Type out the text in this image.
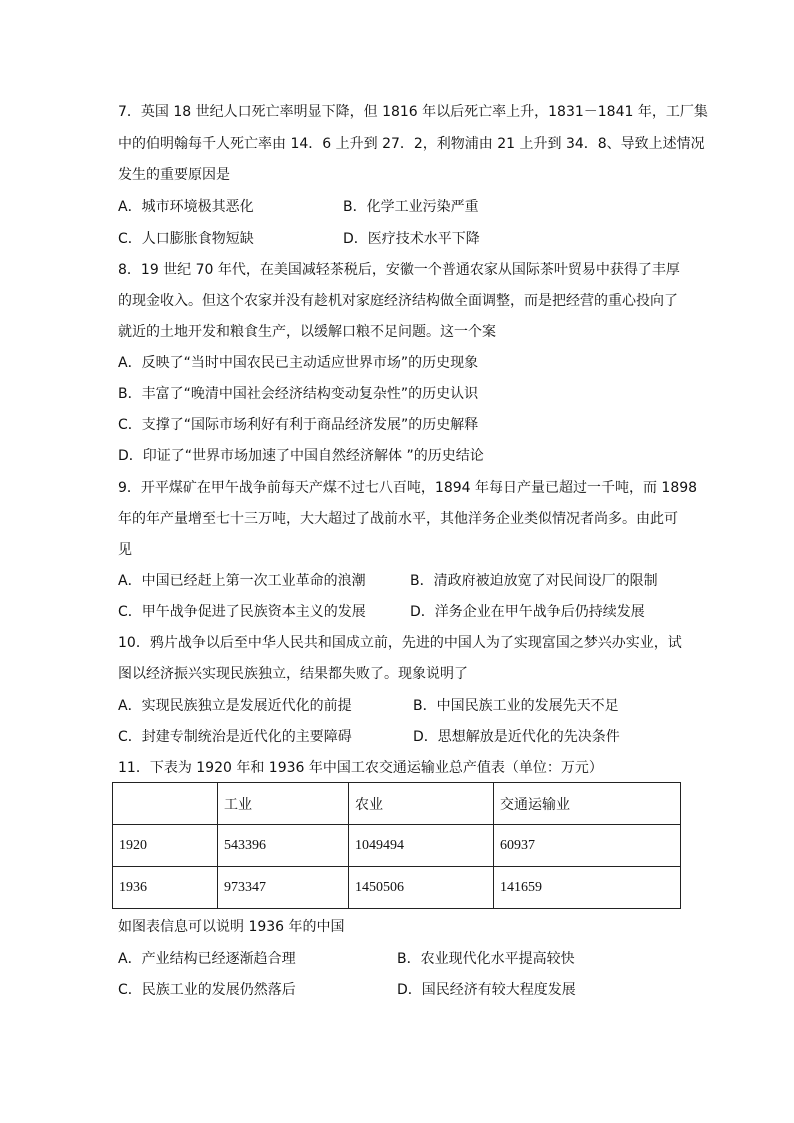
7．英国 18 世纪人口死亡率明显下降，但 1816 年以后死亡率上升，1831－1841 年，工厂集
中的伯明翰每千人死亡率由 14．6 上升到 27．2，利物浦由 21 上升到 34．8、导致上述情况
发生的重要原因是
A．城市环境极其恶化	B．化学工业污染严重
C．人口膨胀食物短缺	D．医疗技术水平下降
8．19 世纪 70 年代，在美国减轻茶税后，安徽一个普通农家从国际茶叶贸易中获得了丰厚
的现金收入。但这个农家并没有趁机对家庭经济结构做全面调整，而是把经营的重心投向了
就近的土地开发和粮食生产，以缓解口粮不足问题。这一个案
A．反映了“当时中国农民已主动适应世界市场”的历史现象
B．丰富了“晚清中国社会经济结构变动复杂性”的历史认识
C．支撑了“国际市场利好有利于商品经济发展”的历史解释
D．印证了“世界市场加速了中国自然经济解体 ”的历史结论
9．开平煤矿在甲午战争前每天产煤不过七八百吨，1894 年每日产量已超过一千吨，而 1898
年的年产量增至七十三万吨，大大超过了战前水平，其他洋务企业类似情况者尚多。由此可
见
A．中国已经赶上第一次工业革命的浪潮	B．清政府被迫放宽了对民间设厂的限制
C．甲午战争促进了民族资本主义的发展	D．洋务企业在甲午战争后仍持续发展
10．鸦片战争以后至中华人民共和国成立前，先进的中国人为了实现富国之梦兴办实业，试
图以经济振兴实现民族独立，结果都失败了。现象说明了
A．实现民族独立是发展近代化的前提	B．中国民族工业的发展先天不足
C．封建专制统治是近代化的主要障碍	D．思想解放是近代化的先决条件
11．下表为 1920 年和 1936 年中国工农交通运输业总产值表（单位：万元）
	工业	农业	交通运输业
1920	543396	1049494	60937
1936	973347	1450506	141659
如图表信息可以说明 1936 年的中国
A．产业结构已经逐渐趋合理	B．农业现代化水平提高较快
C．民族工业的发展仍然落后	D．国民经济有较大程度发展
